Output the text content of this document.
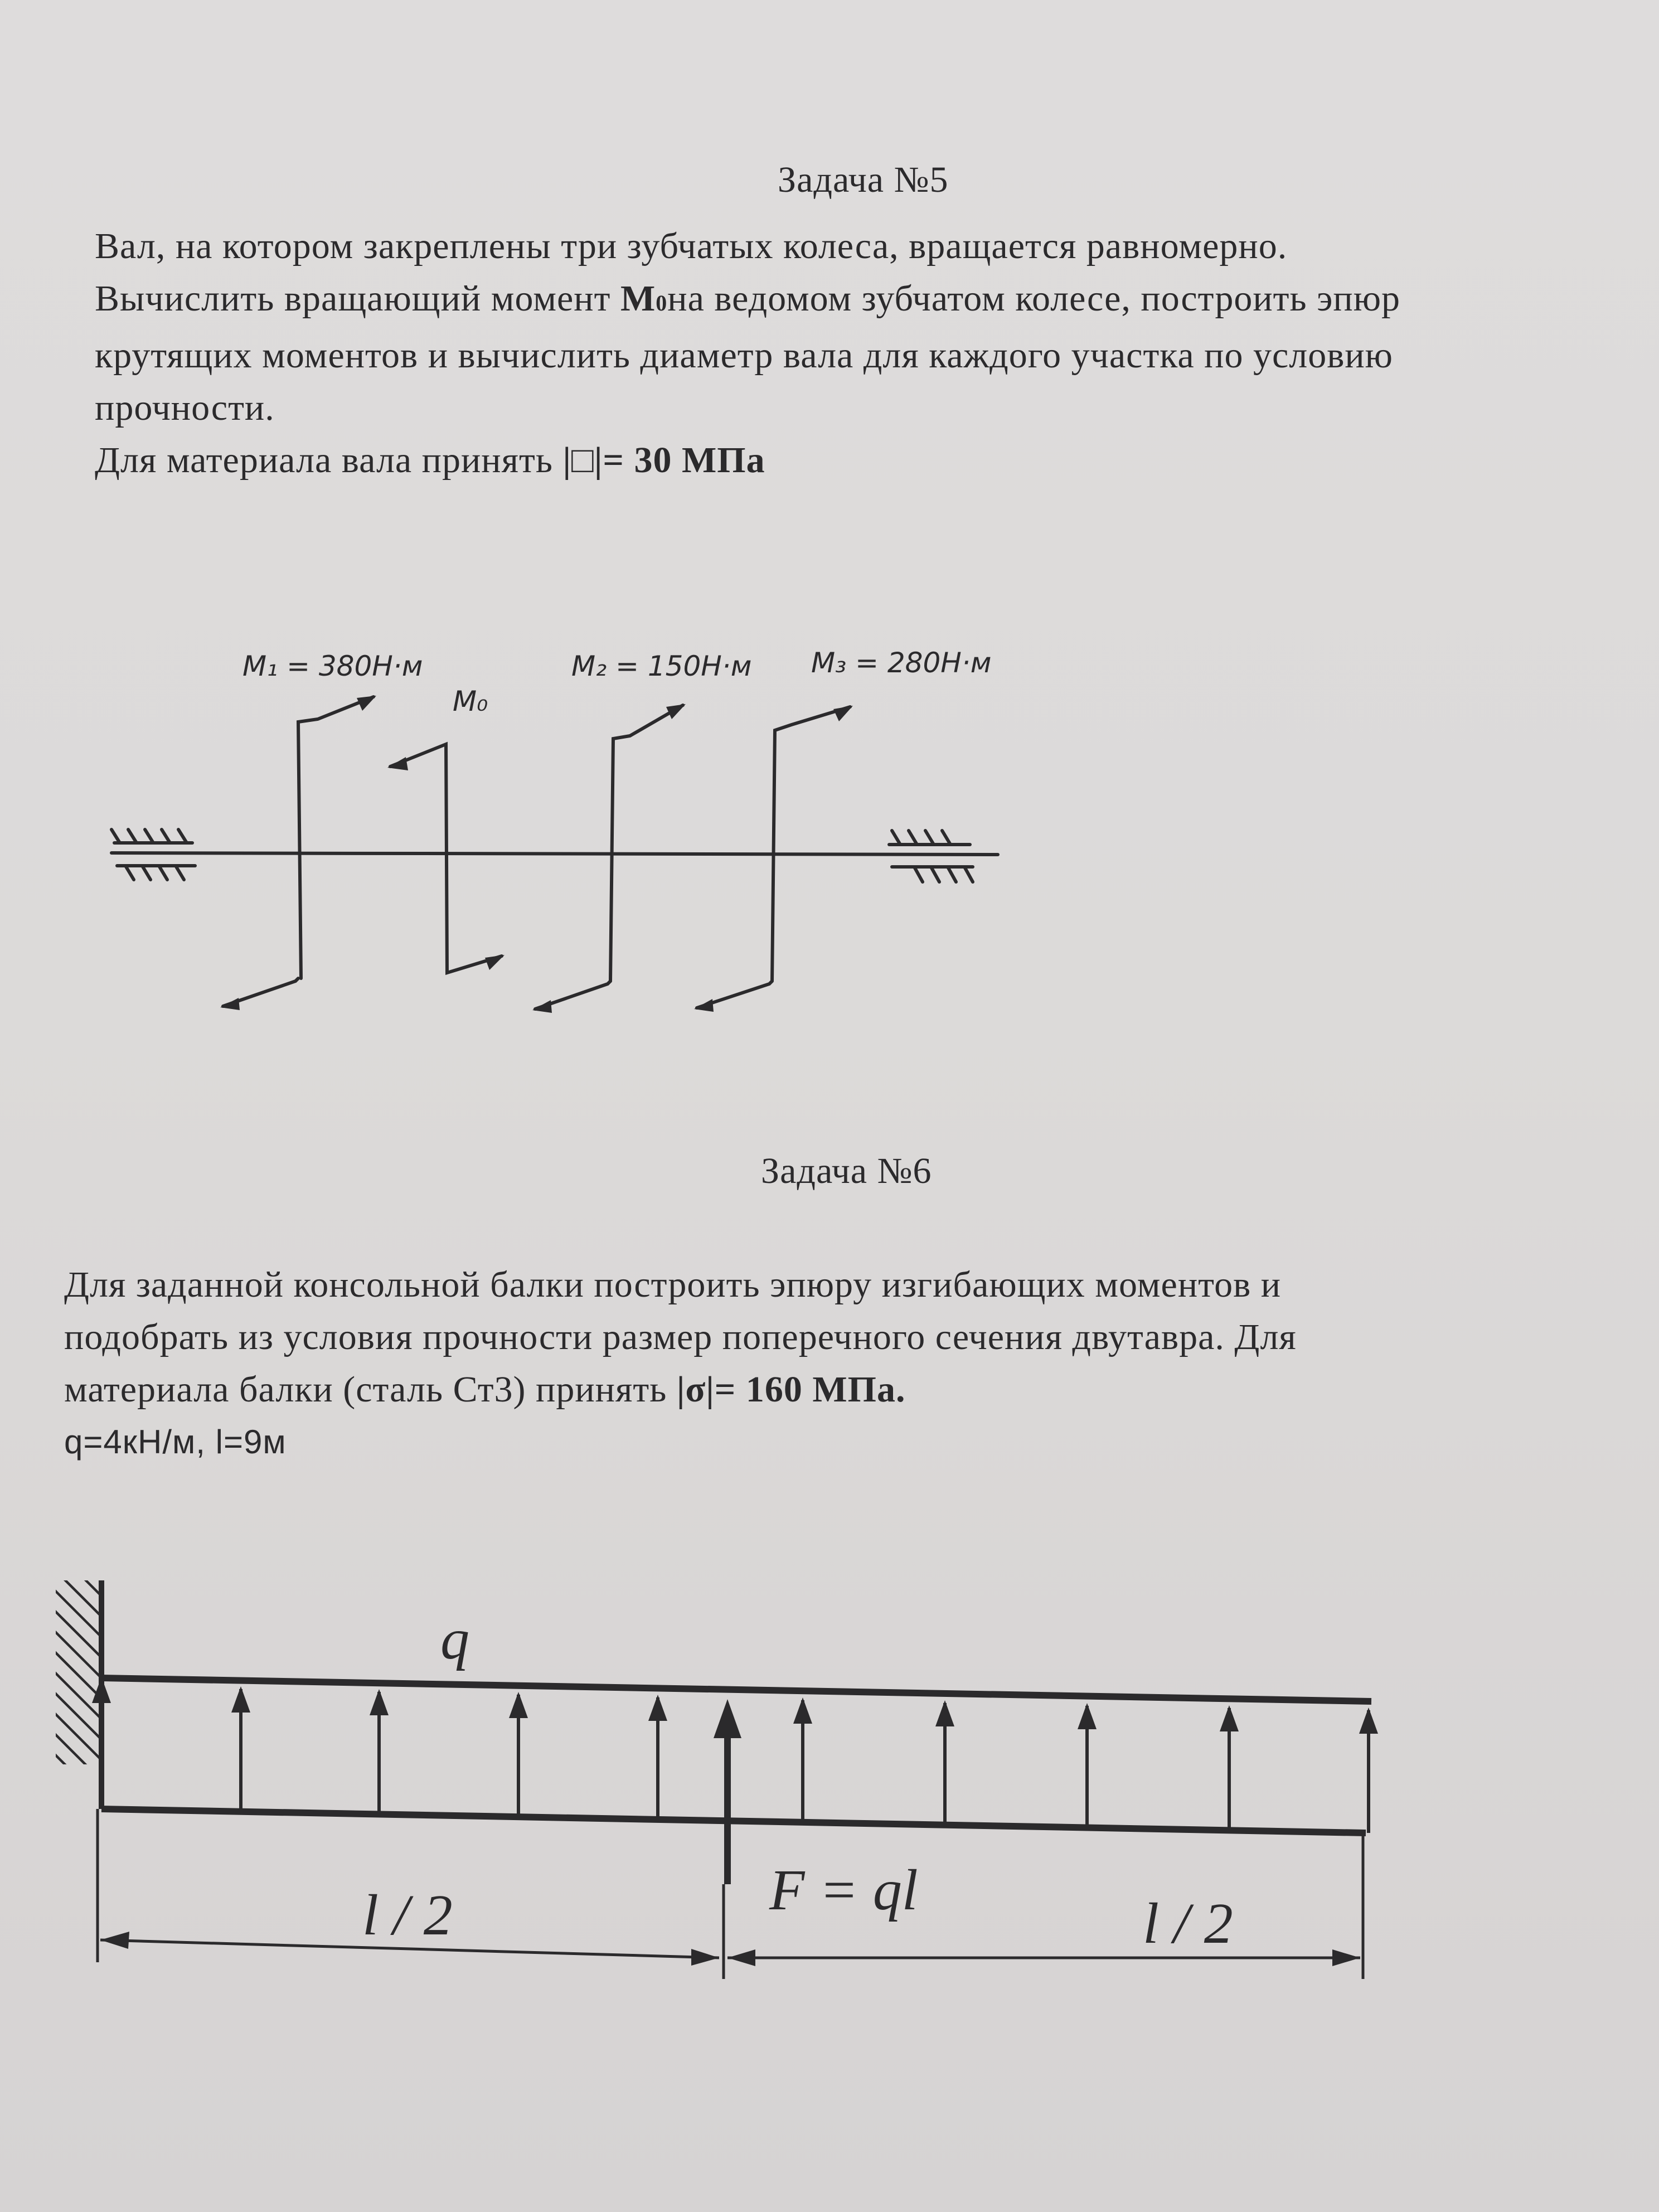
Задача №5
Вал, на котором закреплены три зубчатых колеса, вращается равномерно.
Вычислить вращающий момент M0на ведомом зубчатом колесе, построить эпюр
крутящих моментов и вычислить диаметр вала для каждого участка по условию
прочности.
Для материала вала принять |□|= 30 МПа
M₁ = 380Н·м
M₀
M₂ = 150Н·м M₃ = 280Н·м
Задача №6
Для заданной консольной балки построить эпюру изгибающих моментов и
подобрать из условия прочности размер поперечного сечения двутавра. Для
материала балки (сталь Ст3) принять |σ|= 160 МПа.
q=4кН/м, l=9м
q
F = ql
l / 2	l / 2
